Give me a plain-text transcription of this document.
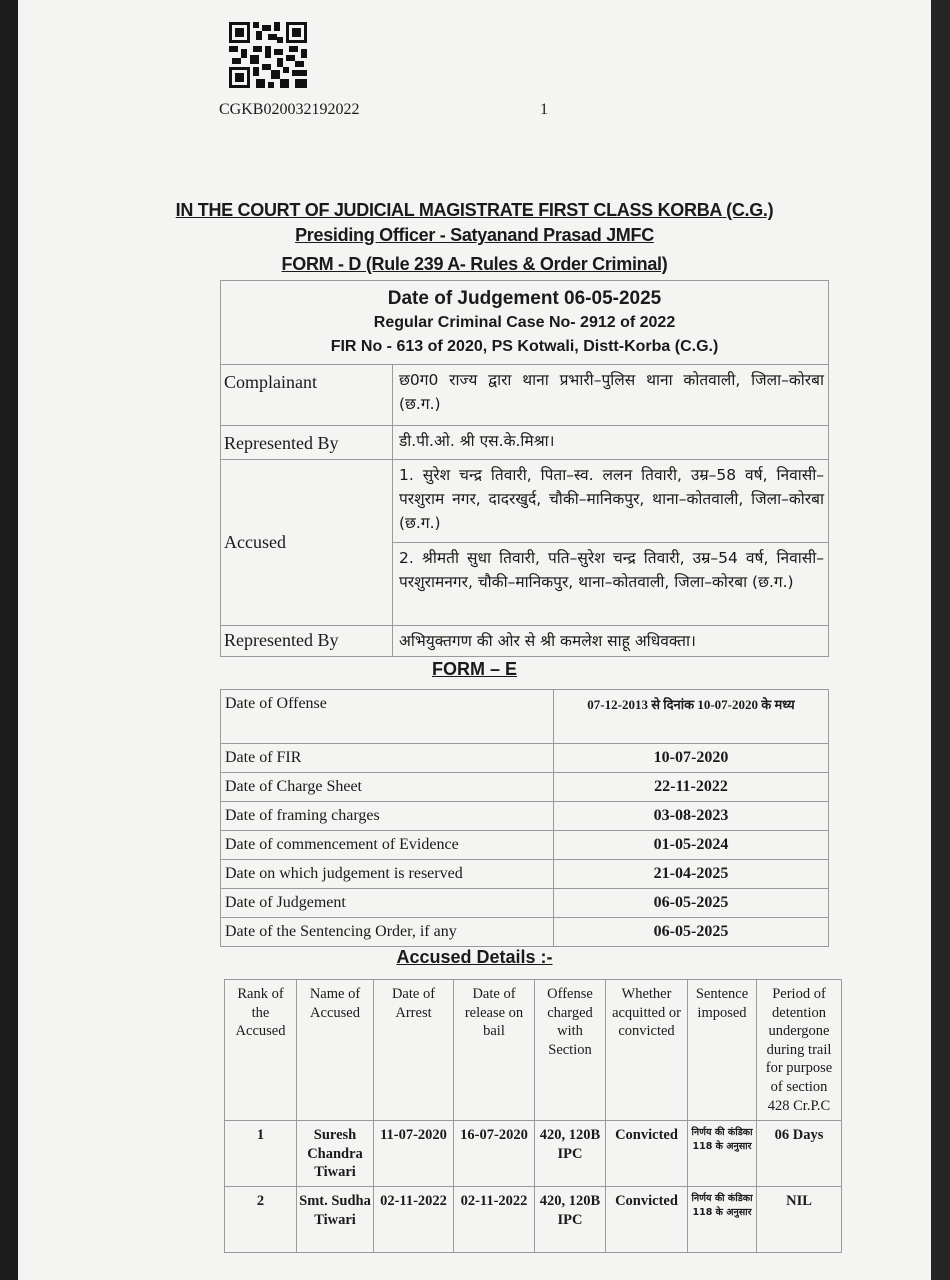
CGKB020032192022	1
IN THE COURT OF JUDICIAL MAGISTRATE FIRST CLASS KORBA (C.G.)
Presiding Officer - Satyanand Prasad JMFC
FORM - D (Rule 239 A- Rules & Order Criminal)
Date of Judgement 06-05-2025
Regular Criminal Case No- 2912 of 2022
FIR No - 613 of 2020, PS Kotwali, Distt-Korba (C.G.)	

Complainant	छ0ग0 राज्य द्वारा थाना प्रभारी–पुलिस थाना कोतवाली, जिला–कोरबा (छ.ग.)
Represented By	डी.पी.ओ. श्री एस.के.मिश्रा।
Accused	1. सुरेश चन्द्र तिवारी, पिता–स्व. ललन तिवारी, उम्र–58 वर्ष, निवासी–परशुराम नगर, दादरखुर्द, चौकी–मानिकपुर, थाना–कोतवाली, जिला–कोरबा (छ.ग.)
	2. श्रीमती सुधा तिवारी, पति–सुरेश चन्द्र तिवारी, उम्र–54 वर्ष, निवासी–परशुरामनगर, चौकी–मानिकपुर, थाना–कोतवाली, जिला–कोरबा (छ.ग.)
Represented By	अभियुक्तगण की ओर से श्री कमलेश साहू अधिवक्ता।
FORM – E
Date of Offense	07-12-2013 से दिनांक 10-07-2020 के मध्य
Date of FIR	10-07-2020
Date of Charge Sheet	22-11-2022
Date of framing charges	03-08-2023
Date of commencement of Evidence	01-05-2024
Date on which judgement is reserved	21-04-2025
Date of Judgement	06-05-2025
Date of the Sentencing Order, if any	06-05-2025
Accused Details :-
Rank of the Accused	Name of Accused	Date of Arrest	Date of release on bail	Offense charged with Section	Whether acquitted or convicted	Sentence imposed	Period of detention undergone during trail for purpose of section 428 Cr.P.C
1	Suresh Chandra Tiwari	11-07-2020	16-07-2020	420, 120B IPC	Convicted	निर्णय की कंडिका 118 के अनुसार	06 Days
2	Smt. Sudha Tiwari	02-11-2022	02-11-2022	420, 120B IPC	Convicted	निर्णय की कंडिका 118 के अनुसार	NIL
